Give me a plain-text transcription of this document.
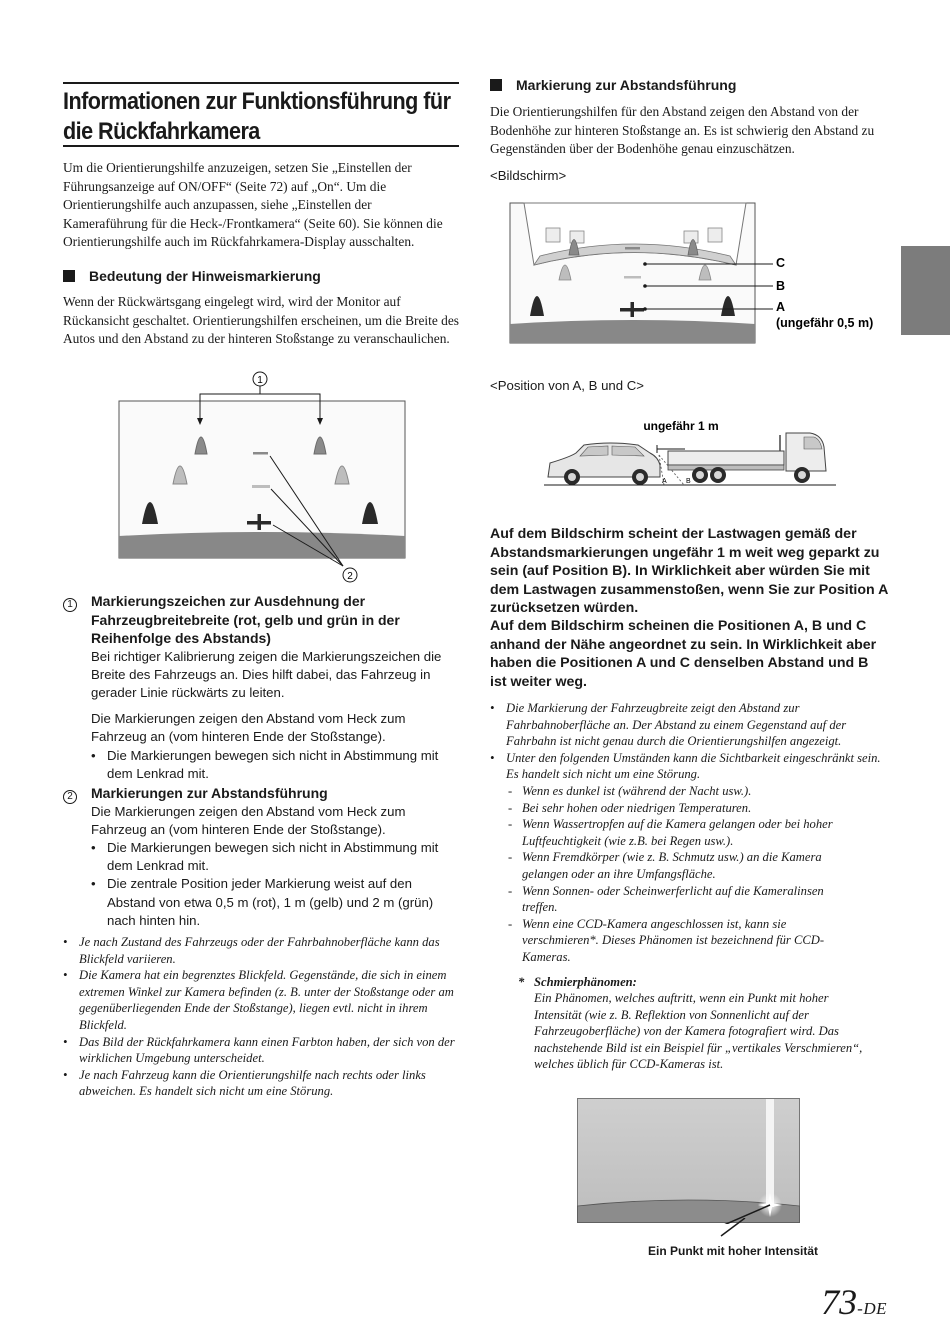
Informationen zur Funktionsführung für die Rückfahrkamera

Um die Orientierungshilfe anzuzeigen, setzen Sie „Einstellen der Führungsanzeige auf ON/OFF“ (Seite 72) auf „On“. Um die Orientierungshilfe auch anzupassen, siehe „Einstellen der Kameraführung für die Heck-/Frontkamera“ (Seite 60). Sie können die Orientierungshilfe auch im Rückfahrkamera-Display ausschalten.

Bedeutung der Hinweismarkierung

Wenn der Rückwärtsgang eingelegt wird, wird der Monitor auf Rückansicht geschaltet. Orientierungshilfen erscheinen, um die Breite des Autos und den Abstand zu der hinteren Stoßstange zu veranschaulichen.

1
2
1	Markierungszeichen zur Ausdehnung der Fahrzeugbreitebreite (rot, gelb und grün in der Reihenfolge des Abstands)

Bei richtiger Kalibrierung zeigen die Markierungszeichen die Breite des Fahrzeugs an. Dies hilft dabei, das Fahrzeug in gerader Linie rückwärts zu leiten.

Die Markierungen zeigen den Abstand vom Heck zum Fahrzeug an (vom hinteren Ende der Stoßstange).

• Die Markierungen bewegen sich nicht in Abstimmung mit dem Lenkrad mit.
2	Markierungen zur Abstandsführung

Die Markierungen zeigen den Abstand vom Heck zum Fahrzeug an (vom hinteren Ende der Stoßstange).

• Die Markierungen bewegen sich nicht in Abstimmung mit dem Lenkrad mit.
• Die zentrale Position jeder Markierung weist auf den Abstand von etwa 0,5 m (rot), 1 m (gelb) und 2 m (grün) nach hinten hin.
• Je nach Zustand des Fahrzeugs oder der Fahrbahnoberfläche kann das Blickfeld variieren.
• Die Kamera hat ein begrenztes Blickfeld. Gegenstände, die sich in einem extremen Winkel zur Kamera befinden (z. B. unter der Stoßstange oder am gegenüberliegenden Ende der Stoßstange), liegen evtl. nicht in ihrem Blickfeld.
• Das Bild der Rückfahrkamera kann einen Farbton haben, der sich von der wirklichen Umgebung unterscheidet.
• Je nach Fahrzeug kann die Orientierungshilfe nach rechts oder links abweichen. Es handelt sich nicht um eine Störung.
Markierung zur Abstandsführung

Die Orientierungshilfen für den Abstand zeigen den Abstand von der Bodenhöhe zur hinteren Stoßstange an. Es ist schwierig den Abstand zu Gegenständen über der Bodenhöhe genau einzuschätzen.

<Bildschirm>
C
B
A
(ungefähr 0,5 m)
<Position von A, B und C>
ungefähr 1 m
A	B
Auf dem Bildschirm scheint der Lastwagen gemäß der Abstandsmarkierungen ungefähr 1 m weit weg geparkt zu sein (auf Position B). In Wirklichkeit aber würden Sie mit dem Lastwagen zusammenstoßen, wenn Sie zur Position A zurücksetzen würden.
Auf dem Bildschirm scheinen die Positionen A, B und C anhand der Nähe angeordnet zu sein. In Wirklichkeit aber haben die Positionen A und C denselben Abstand und B ist weiter weg.
• Die Markierung der Fahrzeugbreite zeigt den Abstand zur Fahrbahnoberfläche an. Der Abstand zu einem Gegenstand auf der Fahrbahn ist nicht genau durch die Orientierungshilfen angezeigt.
• Unter den folgenden Umständen kann die Sichtbarkeit eingeschränkt sein. Es handelt sich nicht um eine Störung.
- Wenn es dunkel ist (während der Nacht usw.).
- Bei sehr hohen oder niedrigen Temperaturen.
- Wenn Wassertropfen auf die Kamera gelangen oder bei hoher Luftfeuchtigkeit (wie z.B. bei Regen usw.).
- Wenn Fremdkörper (wie z. B. Schmutz usw.) an die Kamera gelangen oder an ihre Umfangsfläche.
- Wenn Sonnen- oder Scheinwerferlicht auf die Kameralinsen treffen.
- Wenn eine CCD-Kamera angeschlossen ist, kann sie verschmieren*. Dieses Phänomen ist bezeichnend für CCD-Kameras.
* Schmierphänomen:
Ein Phänomen, welches auftritt, wenn ein Punkt mit hoher Intensität (wie z. B. Reflektion von Sonnenlicht auf der Fahrzeugoberfläche) von der Kamera fotografiert wird. Das nachstehende Bild ist ein Beispiel für „vertikales Verschmieren“, welches üblich für CCD-Kameras ist.
Ein Punkt mit hoher Intensität
73-DE
